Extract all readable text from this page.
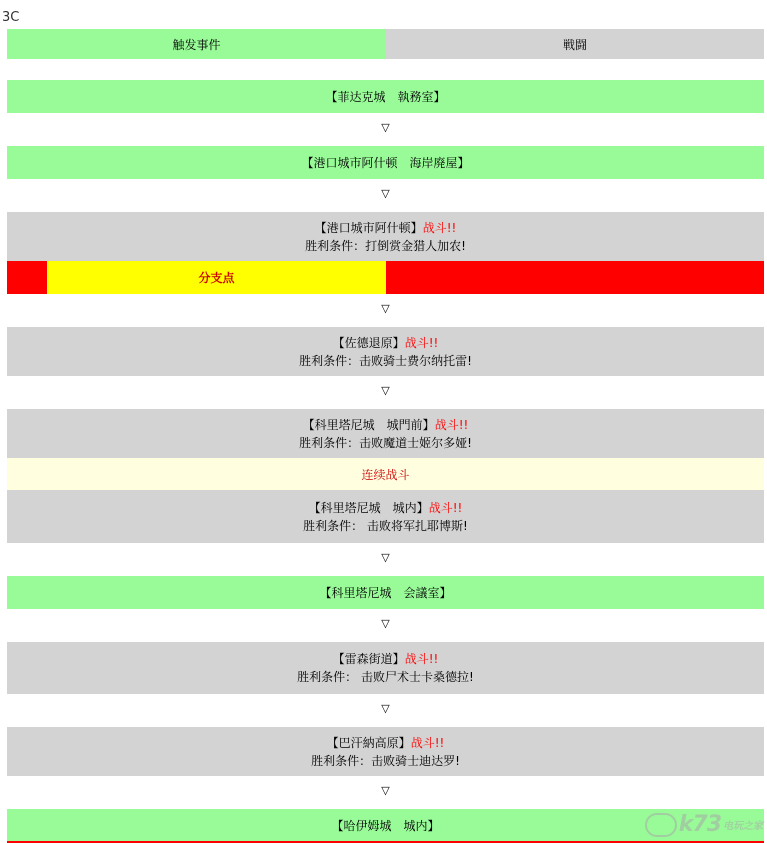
3C
触发事件	戦闘
【菲达克城　執務室】
▽
【港口城市阿什顿　海岸廃屋】
▽
【港口城市阿什顿】战斗!!
胜利条件：打倒赏金猎人加农!
分支点
▽
【佐德退原】战斗!!
胜利条件：击败骑士费尔纳托雷!
▽
【科里塔尼城　城門前】战斗!!
胜利条件：击败魔道士姬尔多娅!
连续战斗
【科里塔尼城　城内】战斗!!
胜利条件： 击败将军扎耶博斯!
▽
【科里塔尼城　会議室】
▽
【雷森街道】战斗!!
胜利条件： 击败尸术士卡桑德拉!
▽
【巴汗納高原】战斗!!
胜利条件：击败骑士迪达罗!
▽
【哈伊姆城　城内】	k73 电玩之家
